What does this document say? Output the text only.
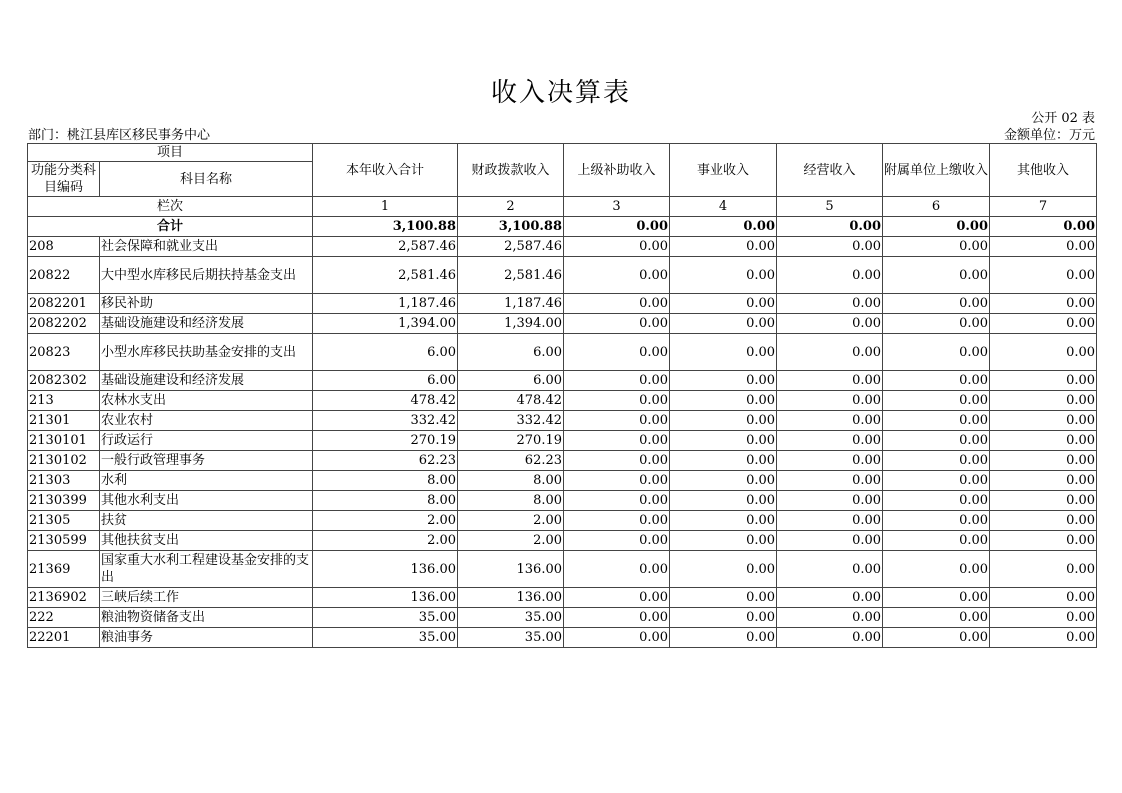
收入决算表
公开 02 表
部门：桃江县库区移民事务中心	金额单位：万元
项目		本年收入合计	财政拨款收入	上级补助收入	事业收入	经营收入	附属单位上缴收入	其他收入
功能分类科目编码	科目名称							
栏次		1	2	3	4	5	6	7
合计		3,100.88	3,100.88	0.00	0.00	0.00	0.00	0.00
208	社会保障和就业支出	2,587.46	2,587.46	0.00	0.00	0.00	0.00	0.00
20822	大中型水库移民后期扶持基金支出	2,581.46	2,581.46	0.00	0.00	0.00	0.00	0.00
2082201	移民补助	1,187.46	1,187.46	0.00	0.00	0.00	0.00	0.00
2082202	基础设施建设和经济发展	1,394.00	1,394.00	0.00	0.00	0.00	0.00	0.00
20823	小型水库移民扶助基金安排的支出	6.00	6.00	0.00	0.00	0.00	0.00	0.00
2082302	基础设施建设和经济发展	6.00	6.00	0.00	0.00	0.00	0.00	0.00
213	农林水支出	478.42	478.42	0.00	0.00	0.00	0.00	0.00
21301	农业农村	332.42	332.42	0.00	0.00	0.00	0.00	0.00
2130101	行政运行	270.19	270.19	0.00	0.00	0.00	0.00	0.00
2130102	一般行政管理事务	62.23	62.23	0.00	0.00	0.00	0.00	0.00
21303	水利	8.00	8.00	0.00	0.00	0.00	0.00	0.00
2130399	其他水利支出	8.00	8.00	0.00	0.00	0.00	0.00	0.00
21305	扶贫	2.00	2.00	0.00	0.00	0.00	0.00	0.00
2130599	其他扶贫支出	2.00	2.00	0.00	0.00	0.00	0.00	0.00
21369	国家重大水利工程建设基金安排的支出	136.00	136.00	0.00	0.00	0.00	0.00	0.00
2136902	三峡后续工作	136.00	136.00	0.00	0.00	0.00	0.00	0.00
222	粮油物资储备支出	35.00	35.00	0.00	0.00	0.00	0.00	0.00
22201	粮油事务	35.00	35.00	0.00	0.00	0.00	0.00	0.00
